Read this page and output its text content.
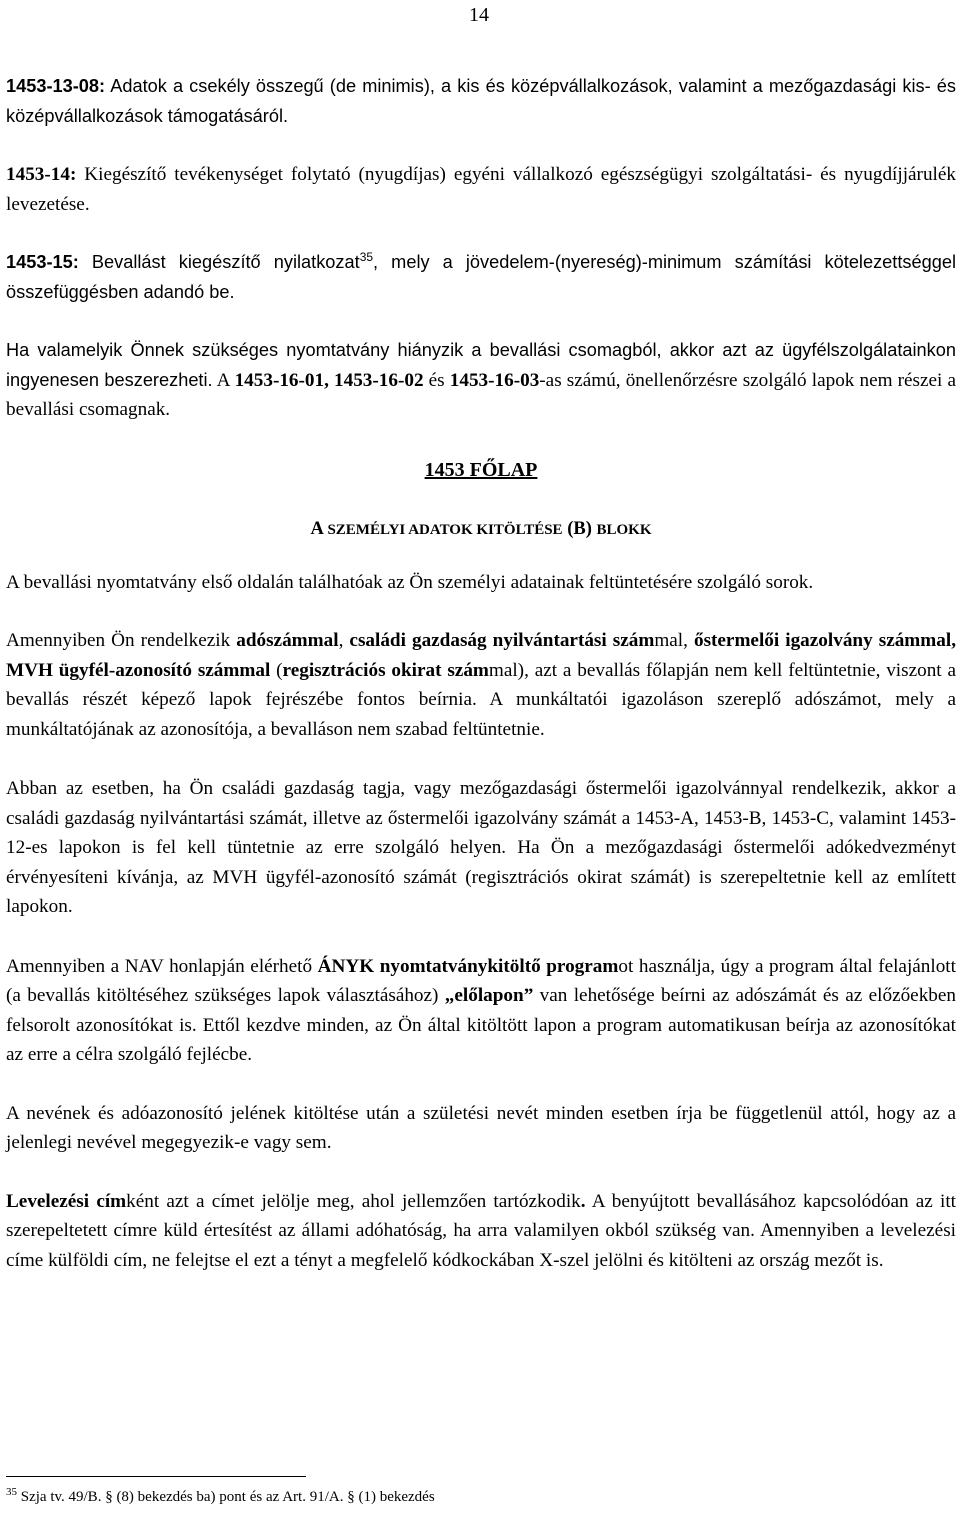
14

1453-13-08: Adatok a csekély összegű (de minimis), a kis és középvállalkozások, valamint a mezőgazdasági kis- és középvállalkozások támogatásáról.

1453-14: Kiegészítő tevékenységet folytató (nyugdíjas) egyéni vállalkozó egészségügyi szolgáltatási- és nyugdíjjárulék levezetése.

1453-15: Bevallást kiegészítő nyilatkozat$^{35}$, mely a jövedelem-(nyereség)-minimum számítási kötelezettséggel összefüggésben adandó be.

Ha valamelyik Önnek szükséges nyomtatvány hiányzik a bevallási csomagból, akkor azt az ügyfélszolgálatainkon ingyenesen beszerezheti. A 1453-16-01, 1453-16-02 és 1453-16-03-as számú, önellenőrzésre szolgáló lapok nem részei a bevallási csomagnak.

1453 FŐLAP

A SZEMÉLYI ADATOK KITÖLTÉSE (B) BLOKK

A bevallási nyomtatvány első oldalán találhatóak az Ön személyi adatainak feltüntetésére szolgáló sorok.

Amennyiben Ön rendelkezik adószámmal, családi gazdaság nyilvántartási számmal, őstermelői igazolvány számmal, MVH ügyfél-azonosító számmal (regisztrációs okirat számmal), azt a bevallás főlapján nem kell feltüntetnie, viszont a bevallás részét képező lapok fejrészébe fontos beírnia. A munkáltatói igazoláson szereplő adószámot, mely a munkáltatójának az azonosítója, a bevalláson nem szabad feltüntetnie.

Abban az esetben, ha Ön családi gazdaság tagja, vagy mezőgazdasági őstermelői igazolvánnyal rendelkezik, akkor a családi gazdaság nyilvántartási számát, illetve az őstermelői igazolvány számát a 1453-A, 1453-B, 1453-C, valamint 1453-12-es lapokon is fel kell tüntetnie az erre szolgáló helyen. Ha Ön a mezőgazdasági őstermelői adókedvezményt érvényesíteni kívánja, az MVH ügyfél-azonosító számát (regisztrációs okirat számát) is szerepeltetnie kell az említett lapokon.

Amennyiben a NAV honlapján elérhető ÁNYK nyomtatványkitöltő programot használja, úgy a program által felajánlott (a bevallás kitöltéséhez szükséges lapok választásához) „előlapon” van lehetősége beírni az adószámát és az előzőekben felsorolt azonosítókat is. Ettől kezdve minden, az Ön által kitöltött lapon a program automatikusan beírja az azonosítókat az erre a célra szolgáló fejlécbe.

A nevének és adóazonosító jelének kitöltése után a születési nevét minden esetben írja be függetlenül attól, hogy az a jelenlegi nevével megegyezik-e vagy sem.

Levelezési címként azt a címet jelölje meg, ahol jellemzően tartózkodik. A benyújtott bevallásához kapcsolódóan az itt szerepeltetett címre küld értesítést az állami adóhatóság, ha arra valamilyen okból szükség van. Amennyiben a levelezési címe külföldi cím, ne felejtse el ezt a tényt a megfelelő kódkockában X-szel jelölni és kitölteni az ország mezőt is.

$^{35}$ Szja tv. 49/B. § (8) bekezdés ba) pont és az Art. 91/A. § (1) bekezdés
